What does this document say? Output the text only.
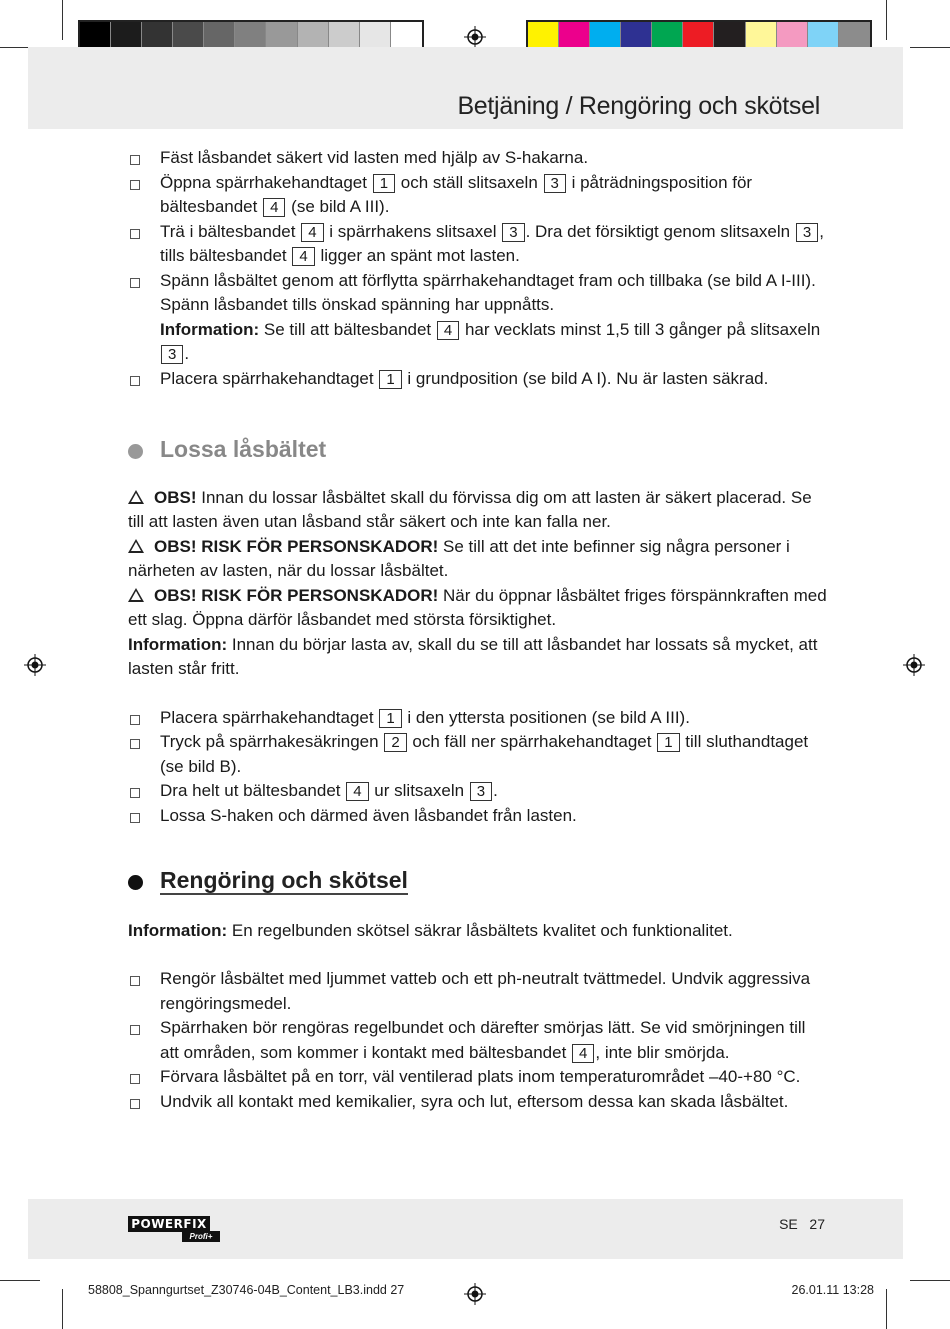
Betjäning / Rengöring och skötsel
Fäst låsbandet säkert vid lasten med hjälp av S-hakarna.
Öppna spärrhakehandtaget 1 och ställ slitsaxeln 3 i påträdningsposition för bältesbandet 4 (se bild A III).
Trä i bältesbandet 4 i spärrhakens slitsaxel 3 . Dra det försiktigt genom slitsaxeln 3 , tills bältesbandet 4 ligger an spänt mot lasten.
Spänn låsbältet genom att förflytta spärrhakehandtaget fram och tillbaka (se bild A I-III). Spänn låsbandet tills önskad spänning har uppnåtts.
Information: Se till att bältesbandet 4 har vecklats minst 1,5 till 3 gånger på slitsaxeln 3 .
Placera spärrhakehandtaget 1 i grundposition (se bild A I). Nu är lasten säkrad.
Lossa låsbältet
OBS! Innan du lossar låsbältet skall du förvissa dig om att lasten är säkert placerad. Se till att lasten även utan låsband står säkert och inte kan falla ner.
OBS! RISK FÖR PERSONSKADOR! Se till att det inte befinner sig några personer i närheten av lasten, när du lossar låsbältet.
OBS! RISK FÖR PERSONSKADOR! När du öppnar låsbältet friges förspännkraften med ett slag. Öppna därför låsbandet med största försiktighet.
Information: Innan du börjar lasta av, skall du se till att låsbandet har lossats så mycket, att lasten står fritt.
Placera spärrhakehandtaget 1 i den yttersta positionen (se bild A III).
Tryck på spärrhakesäkringen 2 och fäll ner spärrhakehandtaget 1 till sluthandtaget (se bild B).
Dra helt ut bältesbandet 4 ur slitsaxeln 3 .
Lossa S-haken och därmed även låsbandet från lasten.
Rengöring och skötsel
Information: En regelbunden skötsel säkrar låsbältets kvalitet och funktionalitet.
Rengör låsbältet med ljummet vatteb och ett ph-neutralt tvättmedel. Undvik aggressiva rengöringsmedel.
Spärrhaken bör rengöras regelbundet och därefter smörjas lätt. Se vid smörjningen till att områden, som kommer i kontakt med bältesbandet 4 , inte blir smörjda.
Förvara låsbältet på en torr, väl ventilerad plats inom temperaturområdet –40-+80 °C.
Undvik all kontakt med kemikalier, syra och lut, eftersom dessa kan skada låsbältet.
POWERFIX
Profi+
SE 27
58808_Spanngurtset_Z30746-04B_Content_LB3.indd 27	26.01.11 13:28
